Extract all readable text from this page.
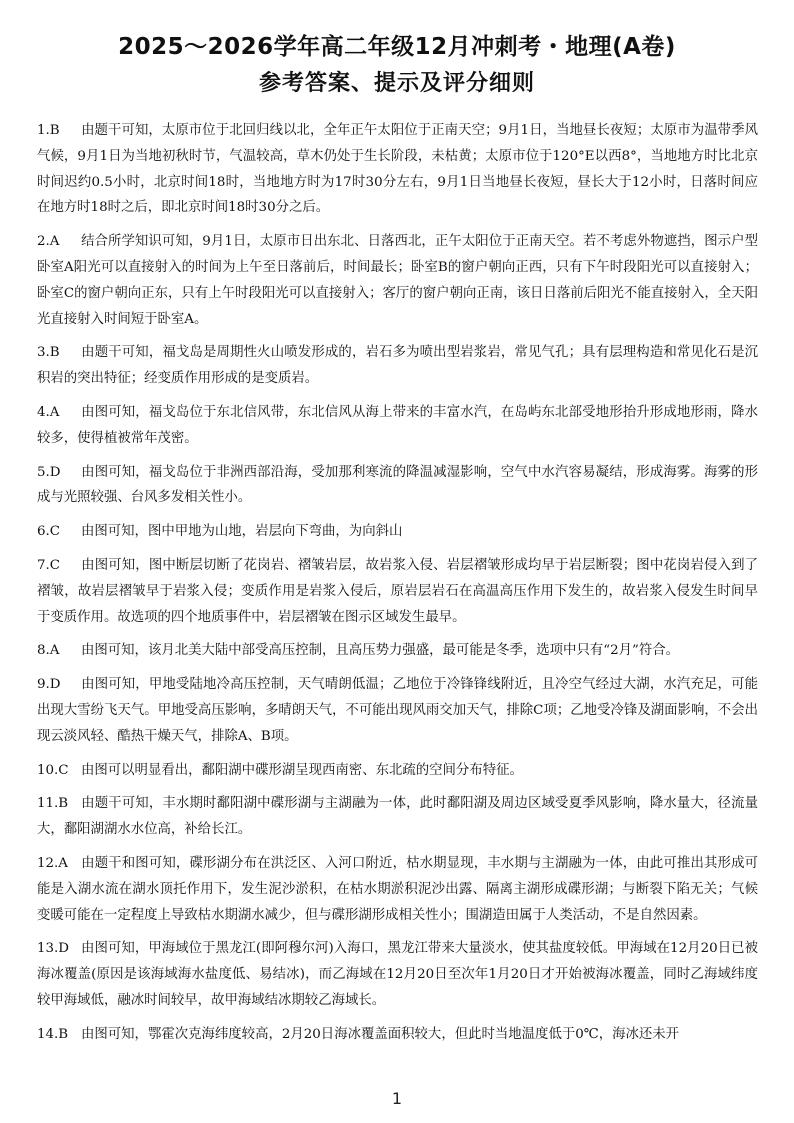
2025～2026学年高二年级12月冲刺考・地理(A卷)
参考答案、提示及评分细则
1.B 由题干可知，太原市位于北回归线以北，全年正午太阳位于正南天空；9月1日，当地昼长夜短；太原市为温带季风气候，9月1日为当地初秋时节，气温较高，草木仍处于生长阶段，未枯黄；太原市位于120°E以西8°，当地地方时比北京时间迟约0.5小时，北京时间18时，当地地方时为17时30分左右，9月1日当地昼长夜短，昼长大于12小时，日落时间应在地方时18时之后，即北京时间18时30分之后。
2.A 结合所学知识可知，9月1日，太原市日出东北、日落西北，正午太阳位于正南天空。若不考虑外物遮挡，图示户型卧室A阳光可以直接射入的时间为上午至日落前后，时间最长；卧室B的窗户朝向正西，只有下午时段阳光可以直接射入；卧室C的窗户朝向正东，只有上午时段阳光可以直接射入；客厅的窗户朝向正南，该日日落前后阳光不能直接射入，全天阳光直接射入时间短于卧室A。
3.B 由题干可知，福戈岛是周期性火山喷发形成的，岩石多为喷出型岩浆岩，常见气孔；具有层理构造和常见化石是沉积岩的突出特征；经变质作用形成的是变质岩。
4.A 由图可知，福戈岛位于东北信风带，东北信风从海上带来的丰富水汽，在岛屿东北部受地形抬升形成地形雨，降水较多，使得植被常年茂密。
5.D 由图可知，福戈岛位于非洲西部沿海，受加那利寒流的降温减湿影响，空气中水汽容易凝结，形成海雾。海雾的形成与光照较强、台风多发相关性小。
6.C 由图可知，图中甲地为山地，岩层向下弯曲，为向斜山
7.C 由图可知，图中断层切断了花岗岩、褶皱岩层，故岩浆入侵、岩层褶皱形成均早于岩层断裂；图中花岗岩侵入到了褶皱，故岩层褶皱早于岩浆入侵；变质作用是岩浆入侵后，原岩层岩石在高温高压作用下发生的，故岩浆入侵发生时间早于变质作用。故选项的四个地质事件中，岩层褶皱在图示区域发生最早。
8.A 由图可知，该月北美大陆中部受高压控制，且高压势力强盛，最可能是冬季，选项中只有“2月”符合。
9.D 由图可知，甲地受陆地冷高压控制，天气晴朗低温；乙地位于冷锋锋线附近，且冷空气经过大湖，水汽充足，可能出现大雪纷飞天气。甲地受高压影响，多晴朗天气，不可能出现风雨交加天气，排除C项；乙地受冷锋及湖面影响，不会出现云淡风轻、酷热干燥天气，排除A、B项。
10.C 由图可以明显看出，鄱阳湖中碟形湖呈现西南密、东北疏的空间分布特征。
11.B 由题干可知，丰水期时鄱阳湖中碟形湖与主湖融为一体，此时鄱阳湖及周边区域受夏季风影响，降水量大，径流量大，鄱阳湖湖水水位高，补给长江。
12.A 由题干和图可知，碟形湖分布在洪泛区、入河口附近，枯水期显现，丰水期与主湖融为一体，由此可推出其形成可能是入湖水流在湖水顶托作用下，发生泥沙淤积，在枯水期淤积泥沙出露、隔离主湖形成碟形湖；与断裂下陷无关；气候变暖可能在一定程度上导致枯水期湖水减少，但与碟形湖形成相关性小；围湖造田属于人类活动，不是自然因素。
13.D 由图可知，甲海域位于黑龙江(即阿穆尔河)入海口，黑龙江带来大量淡水，使其盐度较低。甲海域在12月20日已被海冰覆盖(原因是该海域海水盐度低、易结冰)，而乙海域在12月20日至次年1月20日才开始被海冰覆盖，同时乙海域纬度较甲海域低，融冰时间较早，故甲海域结冰期较乙海域长。
14.B 由图可知，鄂霍次克海纬度较高，2月20日海冰覆盖面积较大，但此时当地温度低于0℃，海冰还未开
1
